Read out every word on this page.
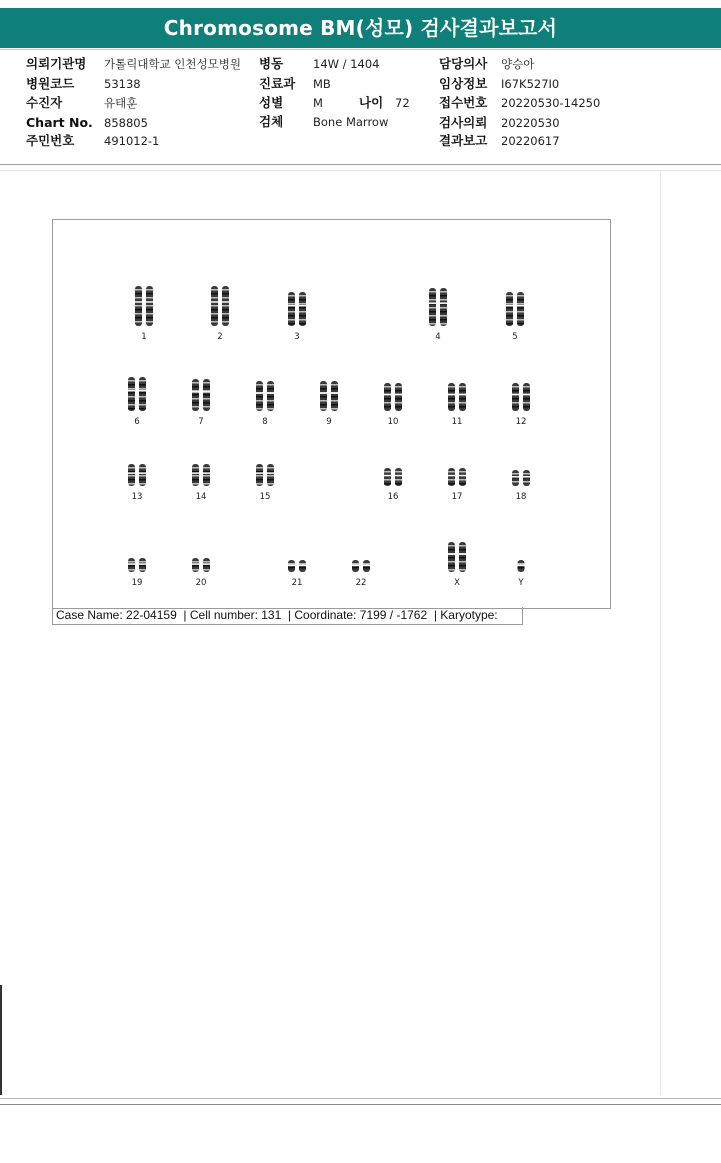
Chromosome BM(성모) 검사결과보고서
의뢰기관명 가톨릭대학교 인천성모병원
병원코드	53138
수진자	유태훈
Chart No. 858805
주민번호	491012-1
병동	14W / 1404
진료과 MB
성별	M	나이 72
검체	Bone Marrow
담당의사 양승아
임상정보 I67K527I0
접수번호 20220530-14250
검사의뢰 20220530
결과보고 20220617
1	2	3	4	5
6	7	8	9	10	11	12
13	14	15	16	17	18
19	20	21	22	X	Y
Case Name: 22-04159  | Cell number: 131  | Coordinate: 7199 / -1762  | Karyotype:
